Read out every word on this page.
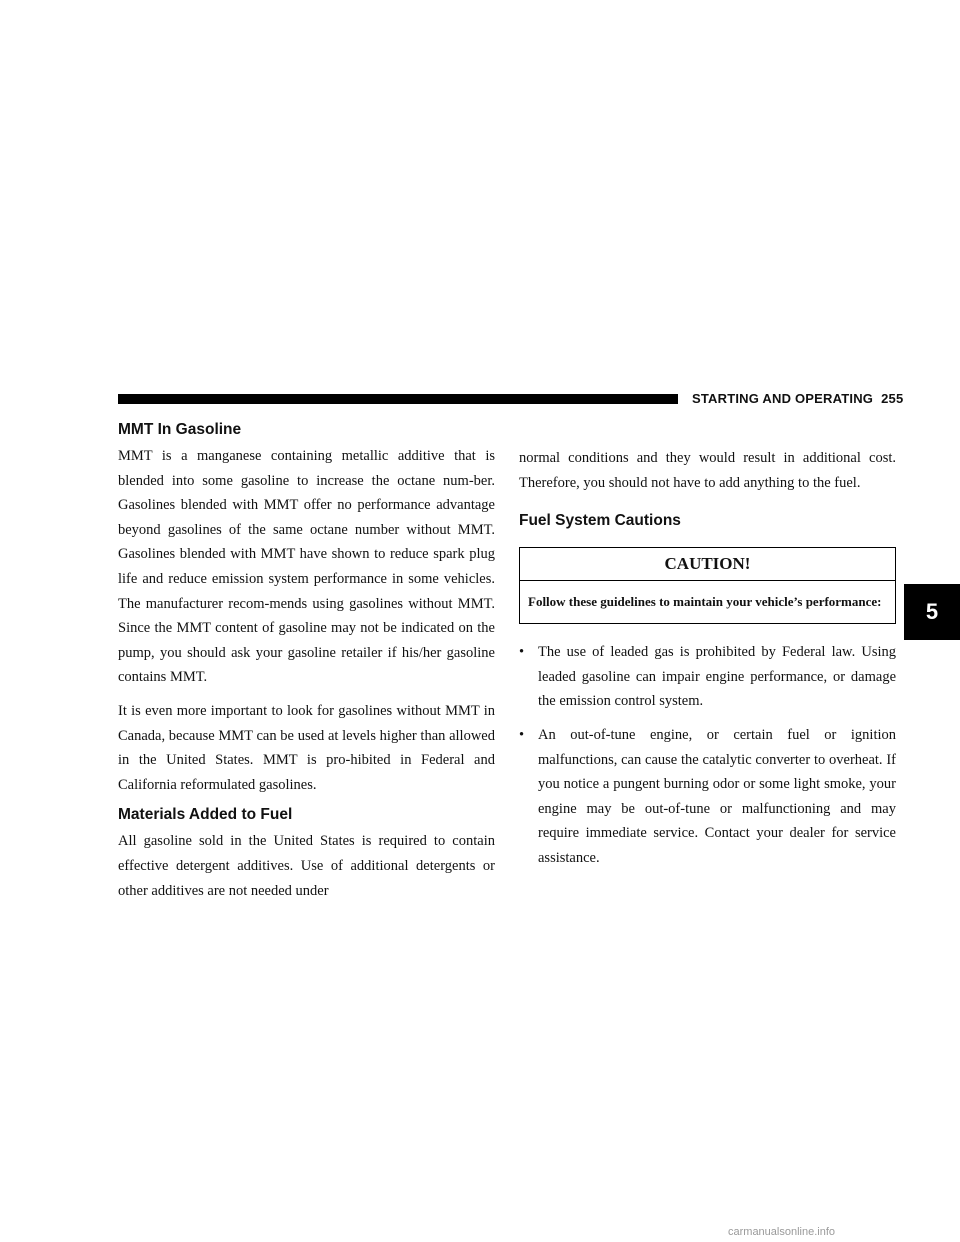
STARTING AND OPERATING 255
MMT In Gasoline

MMT is a manganese containing metallic additive that is blended into some gasoline to increase the octane num-ber. Gasolines blended with MMT offer no performance advantage beyond gasolines of the same octane number without MMT. Gasolines blended with MMT have shown to reduce spark plug life and reduce emission system performance in some vehicles. The manufacturer recom-mends using gasolines without MMT. Since the MMT content of gasoline may not be indicated on the pump, you should ask your gasoline retailer if his/her gasoline contains MMT.

It is even more important to look for gasolines without MMT in Canada, because MMT can be used at levels higher than allowed in the United States. MMT is pro-hibited in Federal and California reformulated gasolines.

Materials Added to Fuel

All gasoline sold in the United States is required to contain effective detergent additives. Use of additional detergents or other additives are not needed under

normal conditions and they would result in additional cost. Therefore, you should not have to add anything to the fuel.

Fuel System Cautions
CAUTION!
Follow these guidelines to maintain your vehicle’s performance:
• The use of leaded gas is prohibited by Federal law. Using leaded gasoline can impair engine performance, or damage the emission control system.
• An out-of-tune engine, or certain fuel or ignition malfunctions, can cause the catalytic converter to overheat. If you notice a pungent burning odor or some light smoke, your engine may be out-of-tune or malfunctioning and may require immediate service. Contact your dealer for service assistance.
5
carmanualsonline.info
